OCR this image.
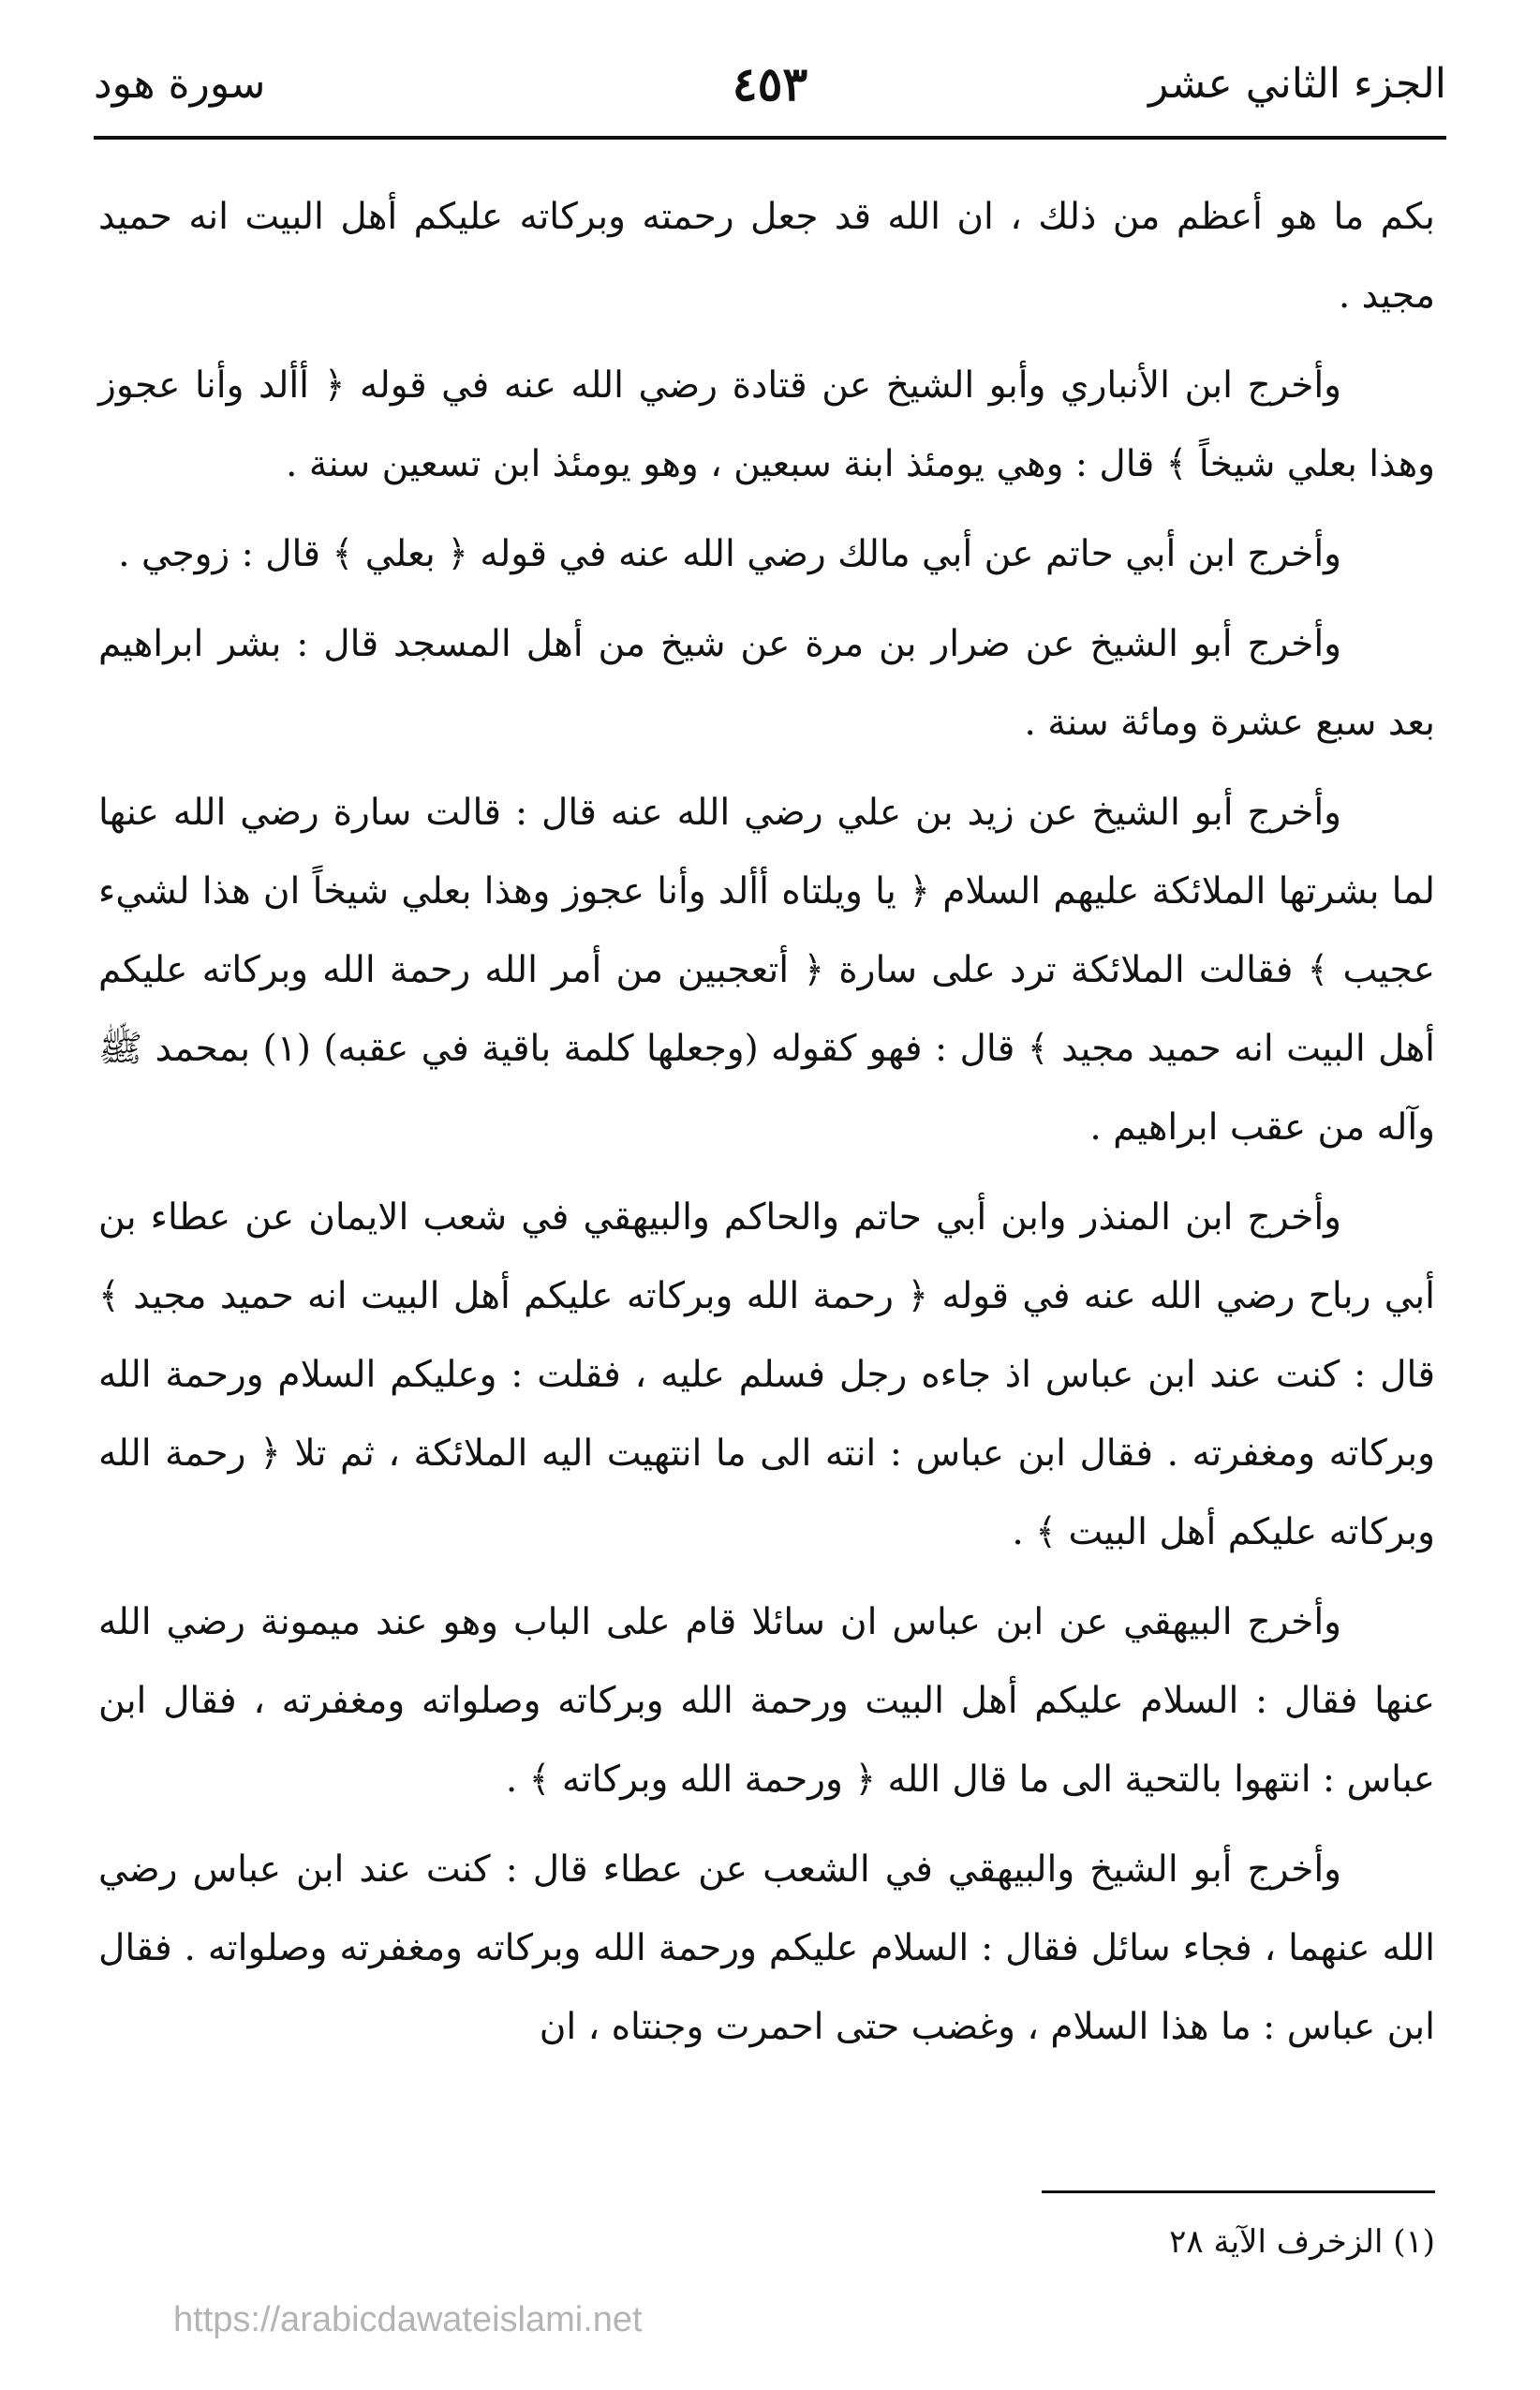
الجزء الثاني عشر
٤٥٣
سورة هود

بكم ما هو أعظم من ذلك ، ان الله قد جعل رحمته وبركاته عليكم أهل البيت انه حميد مجيد .

وأخرج ابن الأنباري وأبو الشيخ عن قتادة رضي الله عنه في قوله ﴿ أألد وأنا عجوز وهذا بعلي شيخاً ﴾ قال : وهي يومئذ ابنة سبعين ، وهو يومئذ ابن تسعين سنة .

وأخرج ابن أبي حاتم عن أبي مالك رضي الله عنه في قوله ﴿ بعلي ﴾ قال : زوجي .

وأخرج أبو الشيخ عن ضرار بن مرة عن شيخ من أهل المسجد قال : بشر ابراهيم بعد سبع عشرة ومائة سنة .

وأخرج أبو الشيخ عن زيد بن علي رضي الله عنه قال : قالت سارة رضي الله عنها لما بشرتها الملائكة عليهم السلام ﴿ يا ويلتاه أألد وأنا عجوز وهذا بعلي شيخاً ان هذا لشيء عجيب ﴾ فقالت الملائكة ترد على سارة ﴿ أتعجبين من أمر الله رحمة الله وبركاته عليكم أهل البيت انه حميد مجيد ﴾ قال : فهو كقوله (وجعلها كلمة باقية في عقبه) (١) بمحمد ﷺ وآله من عقب ابراهيم .

وأخرج ابن المنذر وابن أبي حاتم والحاكم والبيهقي في شعب الايمان عن عطاء بن أبي رباح رضي الله عنه في قوله ﴿ رحمة الله وبركاته عليكم أهل البيت انه حميد مجيد ﴾ قال : كنت عند ابن عباس اذ جاءه رجل فسلم عليه ، فقلت : وعليكم السلام ورحمة الله وبركاته ومغفرته . فقال ابن عباس : انته الى ما انتهيت اليه الملائكة ، ثم تلا ﴿ رحمة الله وبركاته عليكم أهل البيت ﴾ .

وأخرج البيهقي عن ابن عباس ان سائلا قام على الباب وهو عند ميمونة رضي الله عنها فقال : السلام عليكم أهل البيت ورحمة الله وبركاته وصلواته ومغفرته ، فقال ابن عباس : انتهوا بالتحية الى ما قال الله ﴿ ورحمة الله وبركاته ﴾ .

وأخرج أبو الشيخ والبيهقي في الشعب عن عطاء قال : كنت عند ابن عباس رضي الله عنهما ، فجاء سائل فقال : السلام عليكم ورحمة الله وبركاته ومغفرته وصلواته . فقال ابن عباس : ما هذا السلام ، وغضب حتى احمرت وجنتاه ، ان

(١) الزخرف الآية ٢٨
https://arabicdawateislami.net
